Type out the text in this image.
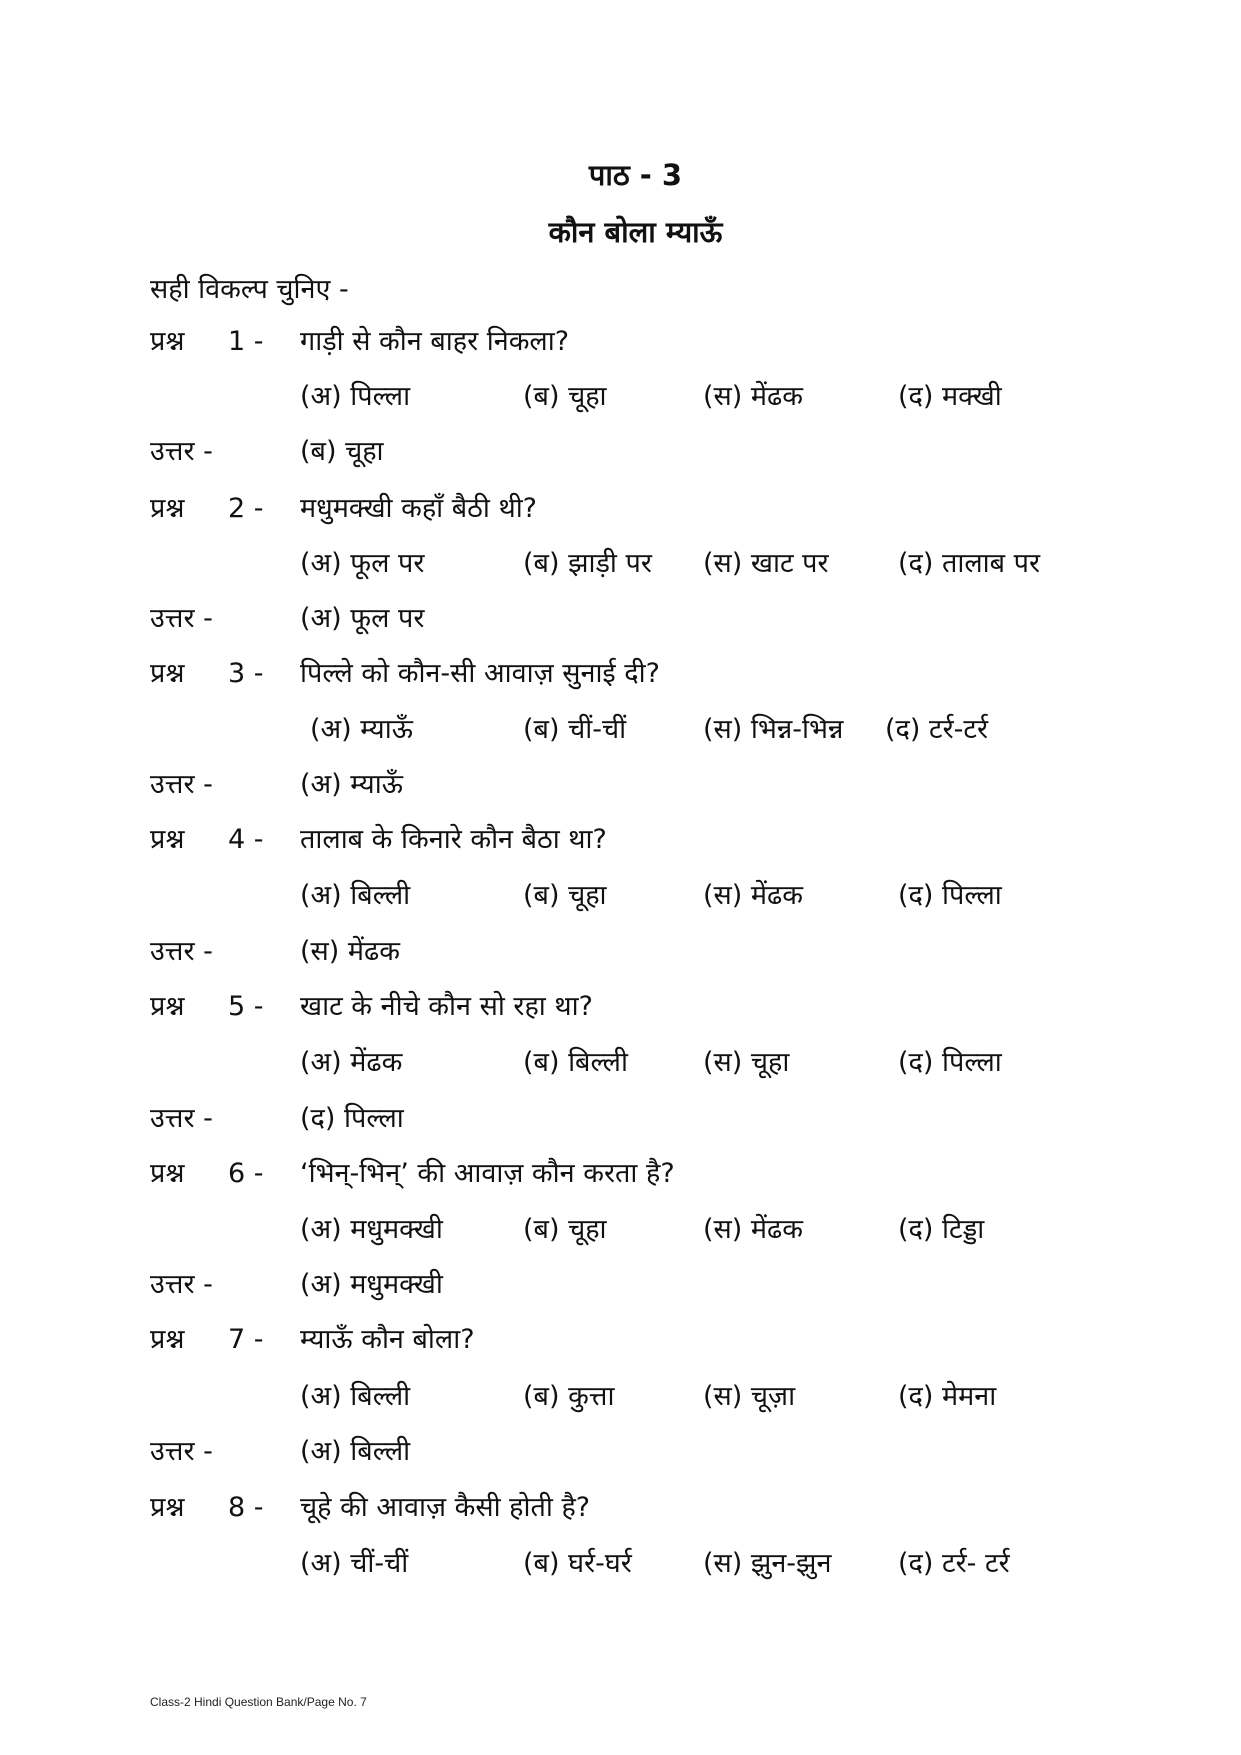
पाठ - 3
कौन बोला म्याऊँ
सही विकल्प चुनिए -
प्रश्न 1 - गाड़ी से कौन बाहर निकला?
(अ) पिल्ला	(ब) चूहा	(स) मेंढक	(द) मक्खी
उत्तर -	(ब) चूहा
प्रश्न 2 - मधुमक्खी कहाँ बैठी थी?
(अ) फूल पर	(ब) झाड़ी पर (स) खाट पर	(द) तालाब पर
उत्तर -	(अ) फूल पर
प्रश्न 3 - पिल्ले को कौन-सी आवाज़ सुनाई दी?
(अ) म्याऊँ	(ब) चीं-चीं	(स) भिन्न-भिन्न (द) टर्र-टर्र
उत्तर -	(अ) म्याऊँ
प्रश्न 4 - तालाब के किनारे कौन बैठा था?
(अ) बिल्ली	(ब) चूहा	(स) मेंढक	(द) पिल्ला
उत्तर -	(स) मेंढक
प्रश्न 5 - खाट के नीचे कौन सो रहा था?
(अ) मेंढक	(ब) बिल्ली	(स) चूहा	(द) पिल्ला
उत्तर -	(द) पिल्ला
प्रश्न 6 - ‘भिन्-भिन्’ की आवाज़ कौन करता है?
(अ) मधुमक्खी	(ब) चूहा	(स) मेंढक	(द) टिड्डा
उत्तर -	(अ) मधुमक्खी
प्रश्न 7 - म्याऊँ कौन बोला?
(अ) बिल्ली	(ब) कुत्ता	(स) चूज़ा	(द) मेमना
उत्तर -	(अ) बिल्ली
प्रश्न 8 - चूहे की आवाज़ कैसी होती है?
(अ) चीं-चीं	(ब) घर्र-घर्र	(स) झुन-झुन (द) टर्र- टर्र
Class-2 Hindi Question Bank/Page No. 7
